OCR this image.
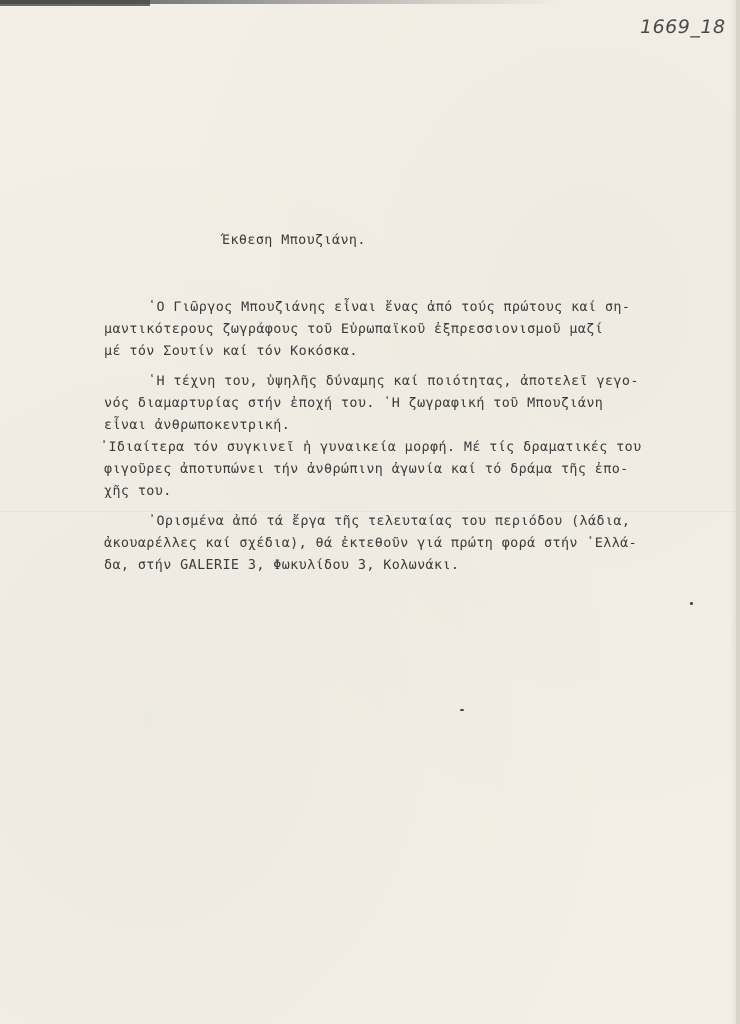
1669_18
Έκθεση Μπουζιάνη.
῾Ο Γιῶργος Μπουζιάνης εἶναι ἕνας ἀπό τούς πρώτους καί ση-
μαντικότερους ζωγράφους τοῦ Εὐρωπαϊκοῦ ἐξπρεσσιονισμοῦ μαζί
μέ τόν Σουτίν καί τόν Κοκόσκα.
῾Η τέχνη του, ὑψηλῆς δύναμης καί ποιότητας, ἀποτελεῖ γεγο-
νός διαμαρτυρίας στήν ἐποχή του. ῾Η ζωγραφική τοῦ Μπουζιάνη
εἶναι ἀνθρωποκεντρική.
᾿Ιδιαίτερα τόν συγκινεῖ ἡ γυναικεία μορφή. Μέ τίς δραματικές του
φιγοῦρες ἀποτυπώνει τήν ἀνθρώπινη ἀγωνία καί τό δράμα τῆς ἐπο-
χῆς του.
᾿Ορισμένα ἀπό τά ἔργα τῆς τελευταίας του περιόδου (λάδια,
ἀκουαρέλλες καί σχέδια), θά ἐκτεθοῦν γιά πρώτη φορά στήν ᾿Ελλά-
δα, στήν GALERIE 3, Φωκυλίδου 3, Κολωνάκι.
